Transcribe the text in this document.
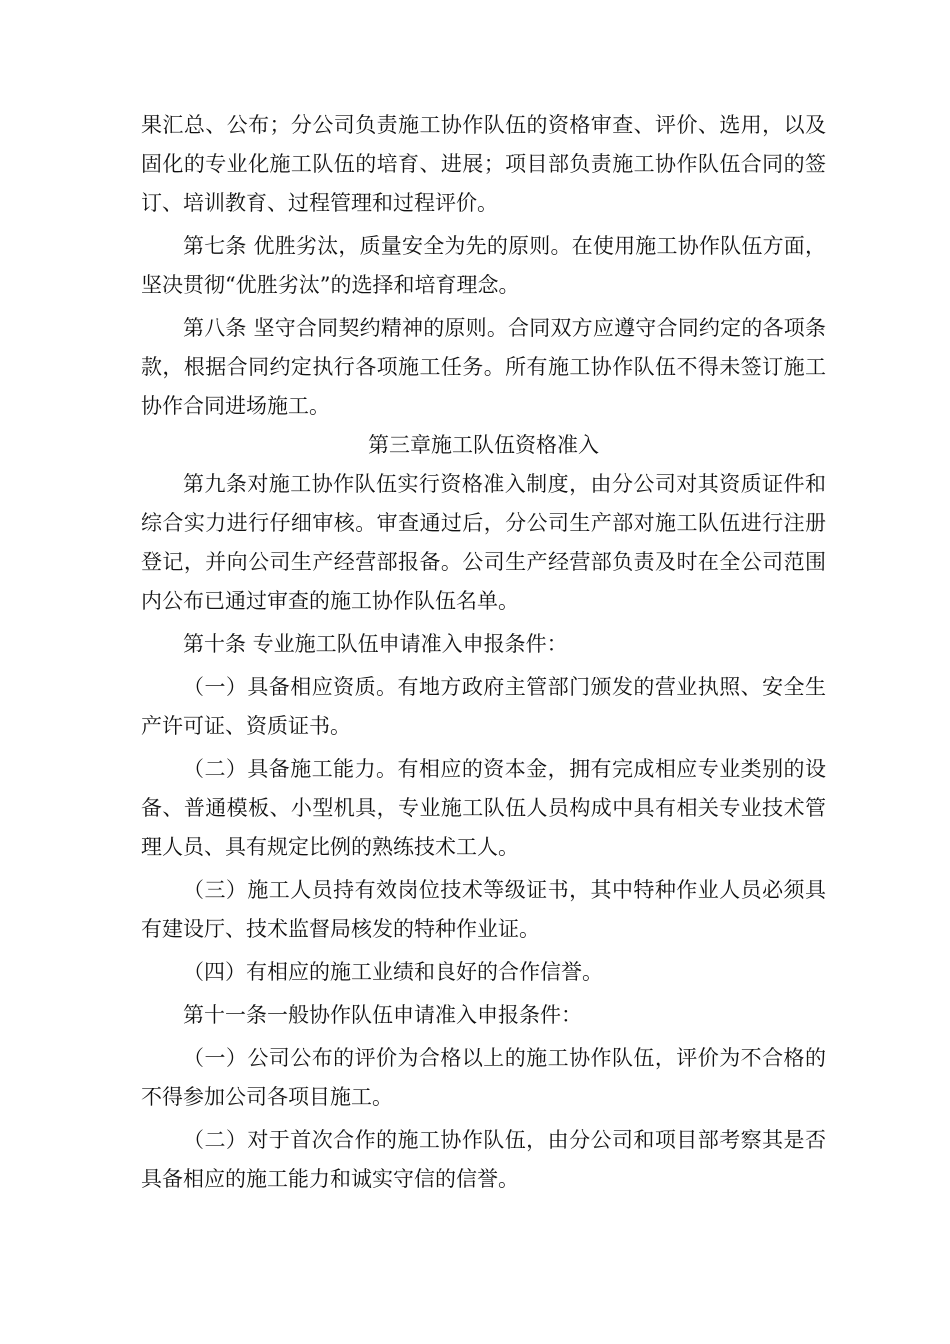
果汇总、公布；分公司负责施工协作队伍的资格审查、评价、选用，以及固化的专业化施工队伍的培育、进展；项目部负责施工协作队伍合同的签订、培训教育、过程管理和过程评价。

第七条 优胜劣汰，质量安全为先的原则。在使用施工协作队伍方面，坚决贯彻“优胜劣汰”的选择和培育理念。

第八条 坚守合同契约精神的原则。合同双方应遵守合同约定的各项条款，根据合同约定执行各项施工任务。所有施工协作队伍不得未签订施工协作合同进场施工。

第三章施工队伍资格准入

第九条对施工协作队伍实行资格准入制度，由分公司对其资质证件和综合实力进行仔细审核。审查通过后，分公司生产部对施工队伍进行注册登记，并向公司生产经营部报备。公司生产经营部负责及时在全公司范围内公布已通过审查的施工协作队伍名单。

第十条 专业施工队伍申请准入申报条件：

（一）具备相应资质。有地方政府主管部门颁发的营业执照、安全生产许可证、资质证书。

（二）具备施工能力。有相应的资本金，拥有完成相应专业类别的设备、普通模板、小型机具，专业施工队伍人员构成中具有相关专业技术管理人员、具有规定比例的熟练技术工人。

（三）施工人员持有效岗位技术等级证书，其中特种作业人员必须具有建设厅、技术监督局核发的特种作业证。

（四）有相应的施工业绩和良好的合作信誉。

第十一条一般协作队伍申请准入申报条件：

（一）公司公布的评价为合格以上的施工协作队伍，评价为不合格的不得参加公司各项目施工。

（二）对于首次合作的施工协作队伍，由分公司和项目部考察其是否具备相应的施工能力和诚实守信的信誉。
